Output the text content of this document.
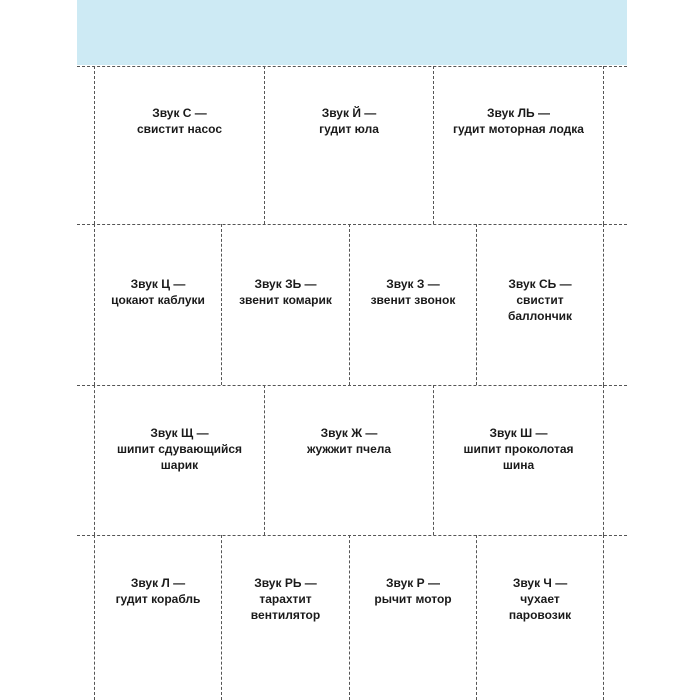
Звук С —
свистит насос
Звук Й —
гудит юла
Звук ЛЬ —
гудит моторная лодка
Звук Ц —
цокают каблуки
Звук ЗЬ —
звенит комарик
Звук З —
звенит звонок
Звук СЬ —
свистит
баллончик
Звук Щ —
шипит сдувающийся
шарик
Звук Ж —
жужжит пчела
Звук Ш —
шипит проколотая
шина
Звук Л —
гудит корабль
Звук РЬ —
тарахтит
вентилятор
Звук Р —
рычит мотор
Звук Ч —
чухает
паровозик
